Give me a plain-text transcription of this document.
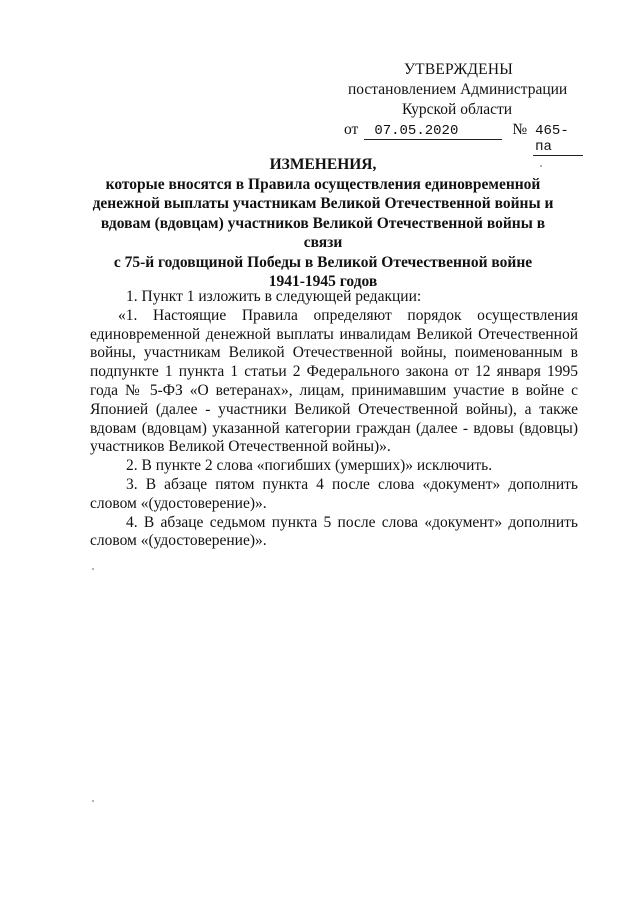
УТВЕРЖДЕНЫ
постановлением Администрации
Курской области
от	07.05.2020	№ 465-па
ИЗМЕНЕНИЯ,
которые вносятся в Правила осуществления единовременной
денежной выплаты участникам Великой Отечественной войны и
вдовам (вдовцам) участников Великой Отечественной войны в связи
с 75-й годовщиной Победы в Великой Отечественной войне
1941-1945 годов

1. Пункт 1 изложить в следующей редакции:

«1. Настоящие Правила определяют порядок осуществления единовременной денежной выплаты инвалидам Великой Отечественной войны, участникам Великой Отечественной войны, поименованным в подпункте 1 пункта 1 статьи 2 Федерального закона от 12 января 1995 года № 5-ФЗ «О ветеранах», лицам, принимавшим участие в войне с Японией (далее - участники Великой Отечественной войны), а также вдовам (вдовцам) указанной категории граждан (далее - вдовы (вдовцы) участников Великой Отечественной войны)».

2. В пункте 2 слова «погибших (умерших)» исключить.

3. В абзаце пятом пункта 4 после слова «документ» дополнить словом «(удостоверение)».

4. В абзаце седьмом пункта 5 после слова «документ» дополнить словом «(удостоверение)».
